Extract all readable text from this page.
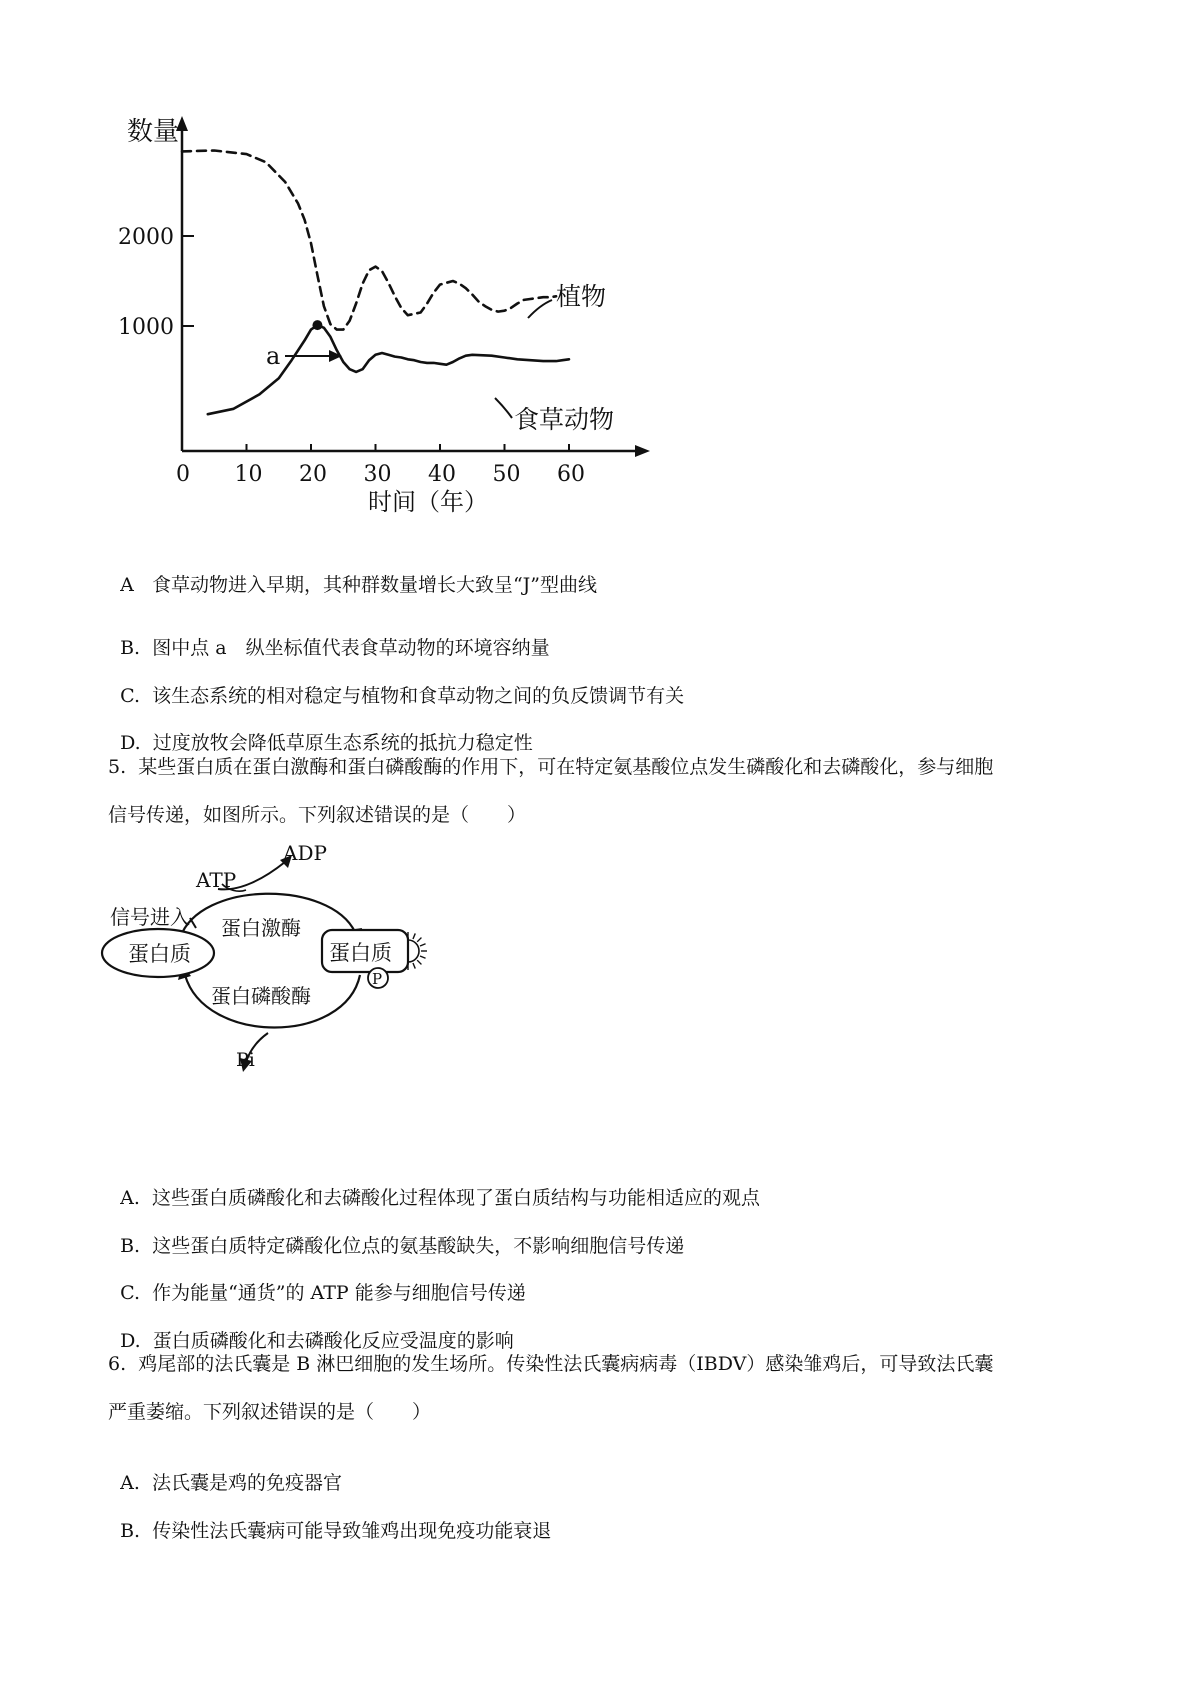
数量
时间（年）
0 10 20 30 40 50 60
1000
2000
a
植物
食草动物

A 食草动物进入早期，其种群数量增长大致呈“J”型曲线

B. 图中点 a　纵坐标值代表食草动物的环境容纳量

C. 该生态系统的相对稳定与植物和食草动物之间的负反馈调节有关

D. 过度放牧会降低草原生态系统的抵抗力稳定性

5.  某些蛋白质在蛋白激酶和蛋白磷酸酶的作用下，可在特定氨基酸位点发生磷酸化和去磷酸化，参与细胞
信号传递，如图所示。下列叙述错误的是（　　）
蛋白质	蛋白质
P
ATP
ADP
信号进入 蛋白激酶
蛋白磷酸酶
Pi

A. 这些蛋白质磷酸化和去磷酸化过程体现了蛋白质结构与功能相适应的观点

B. 这些蛋白质特定磷酸化位点的氨基酸缺失，不影响细胞信号传递

C. 作为能量“通货”的 ATP 能参与细胞信号传递

D. 蛋白质磷酸化和去磷酸化反应受温度的影响

6.  鸡尾部的法氏囊是 B 淋巴细胞的发生场所。传染性法氏囊病病毒（IBDV）感染雏鸡后，可导致法氏囊
严重萎缩。下列叙述错误的是（　　）

A. 法氏囊是鸡的免疫器官

B. 传染性法氏囊病可能导致雏鸡出现免疫功能衰退
